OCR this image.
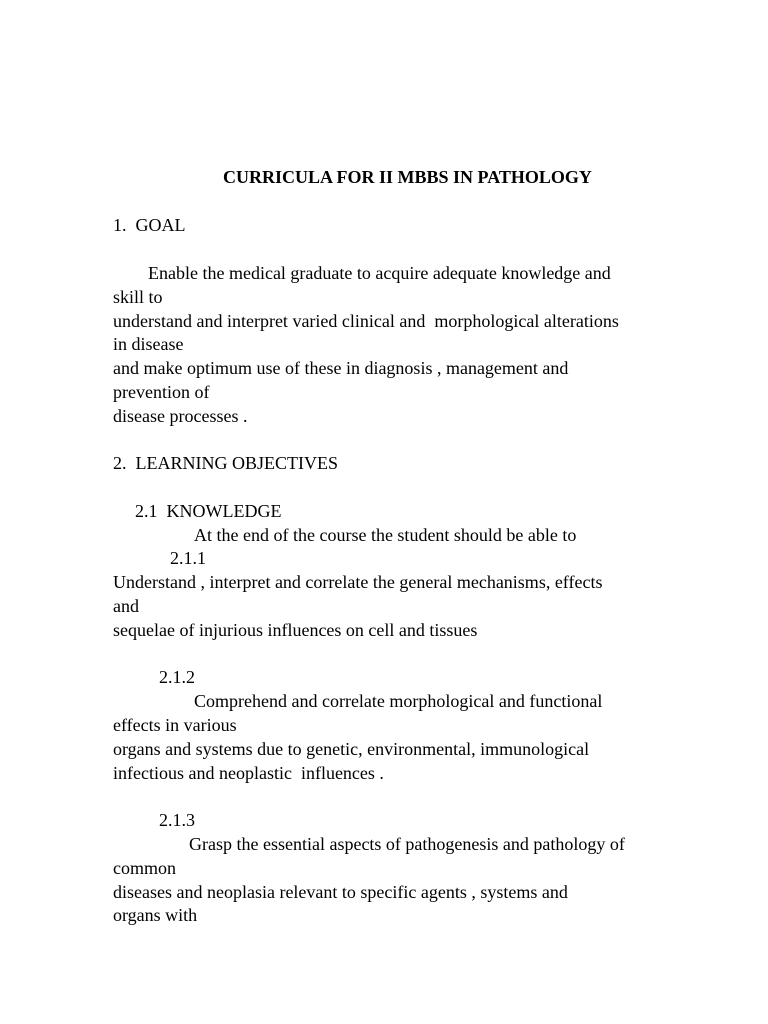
CURRICULA FOR II MBBS IN PATHOLOGY

1.  GOAL

Enable the medical graduate to acquire adequate knowledge and

skill to

understand and interpret varied clinical and  morphological alterations

in disease

and make optimum use of these in diagnosis , management and

prevention of

disease processes .

2.  LEARNING OBJECTIVES

2.1  KNOWLEDGE

At the end of the course the student should be able to

2.1.1

Understand , interpret and correlate the general mechanisms, effects

and

sequelae of injurious influences on cell and tissues

2.1.2

Comprehend and correlate morphological and functional

effects in various

organs and systems due to genetic, environmental, immunological

infectious and neoplastic  influences .

2.1.3

Grasp the essential aspects of pathogenesis and pathology of

common

diseases and neoplasia relevant to specific agents , systems and

organs with
